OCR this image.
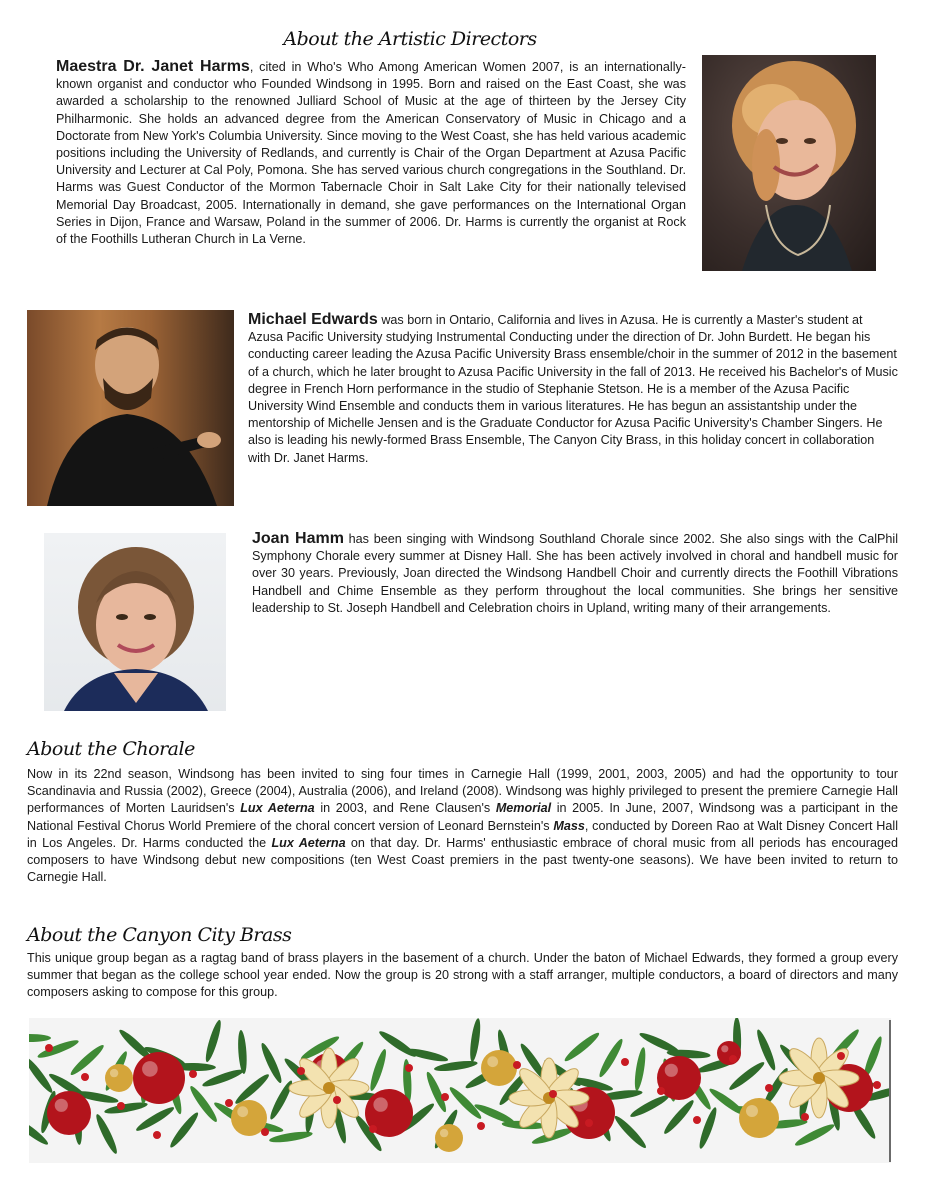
About the Artistic Directors
Maestra Dr. Janet Harms, cited in Who's Who Among American Women 2007, is an internationally-known organist and conductor who Founded Windsong in 1995. Born and raised on the East Coast, she was awarded a scholarship to the renowned Julliard School of Music at the age of thirteen by the Jersey City Philharmonic. She holds an advanced degree from the American Conservatory of Music in Chicago and a Doctorate from New York's Columbia University. Since moving to the West Coast, she has held various academic positions including the University of Redlands, and currently is Chair of the Organ Department at Azusa Pacific University and Lecturer at Cal Poly, Pomona. She has served various church congregations in the Southland. Dr. Harms was Guest Conductor of the Mormon Tabernacle Choir in Salt Lake City for their nationally televised Memorial Day Broadcast, 2005. Internationally in demand, she gave performances on the International Organ Series in Dijon, France and Warsaw, Poland in the summer of 2006. Dr. Harms is currently the organist at Rock of the Foothills Lutheran Church in La Verne.
Michael Edwards was born in Ontario, California and lives in Azusa. He is currently a Master's student at Azusa Pacific University studying Instrumental Conducting under the direction of Dr. John Burdett. He began his conducting career leading the Azusa Pacific University Brass ensemble/choir in the summer of 2012 in the basement of a church, which he later brought to Azusa Pacific University in the fall of 2013. He received his Bachelor's of Music degree in French Horn performance in the studio of Stephanie Stetson. He is a member of the Azusa Pacific University Wind Ensemble and conducts them in various literatures. He has begun an assistantship under the mentorship of Michelle Jensen and is the Graduate Conductor for Azusa Pacific University's Chamber Singers. He also is leading his newly-formed Brass Ensemble, The Canyon City Brass, in this holiday concert in collaboration with Dr. Janet Harms.
Joan Hamm has been singing with Windsong Southland Chorale since 2002. She also sings with the CalPhil Symphony Chorale every summer at Disney Hall. She has been actively involved in choral and handbell music for over 30 years. Previously, Joan directed the Windsong Handbell Choir and currently directs the Foothill Vibrations Handbell and Chime Ensemble as they perform throughout the local communities. She brings her sensitive leadership to St. Joseph Handbell and Celebration choirs in Upland, writing many of their arrangements.
About the Chorale
Now in its 22nd season, Windsong has been invited to sing four times in Carnegie Hall (1999, 2001, 2003, 2005) and had the opportunity to tour Scandinavia and Russia (2002), Greece (2004), Australia (2006), and Ireland (2008). Windsong was highly privileged to present the premiere Carnegie Hall performances of Morten Lauridsen's Lux Aeterna in 2003, and Rene Clausen's Memorial in 2005. In June, 2007, Windsong was a participant in the National Festival Chorus World Premiere of the choral concert version of Leonard Bernstein's Mass, conducted by Doreen Rao at Walt Disney Concert Hall in Los Angeles. Dr. Harms conducted the Lux Aeterna on that day. Dr. Harms' enthusiastic embrace of choral music from all periods has encouraged composers to have Windsong debut new compositions (ten West Coast premiers in the past twenty-one seasons). We have been invited to return to Carnegie Hall.
About the Canyon City Brass
This unique group began as a ragtag band of brass players in the basement of a church. Under the baton of Michael Edwards, they formed a group every summer that began as the college school year ended. Now the group is 20 strong with a staff arranger, multiple conductors, a board of directors and many composers asking to compose for this group.
